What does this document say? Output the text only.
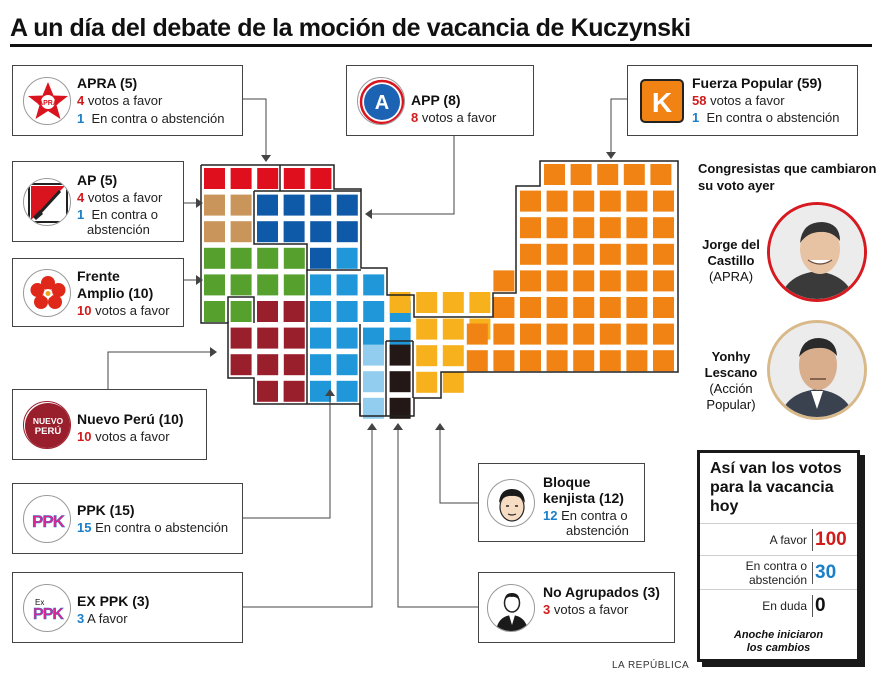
A un día del debate de la moción de vacancia de Kuczynski
APRA
APRA (5)
4 votos a favor
1 En contra o abstención
AP (5)
4 votos a favor
1 En contra o
abstención
Frente
Amplio (10)
10 votos a favor
NUEVO
PERÚ
Nuevo Perú (10)
10 votos a favor
PPK
PPK (15)
15 En contra o abstención
Ex
PPK
EX PPK (3)
3 A favor
A APP (8)
8 votos a favor	K
Fuerza Popular (59)
58 votos a favor
1 En contra o abstención
Bloque
kenjista (12)
12 En contra o
abstención
No Agrupados (3)
3 votos a favor
Congresistas que cambiaron su voto ayer
Jorge del
Castillo
(APRA)
Yonhy
Lescano
(Acción
Popular)
Así van los votos para la vacancia hoy
A favor 100
En contra o
abstención 30
En duda 0
Anoche iniciaron
los cambios
LA REPÚBLICA
